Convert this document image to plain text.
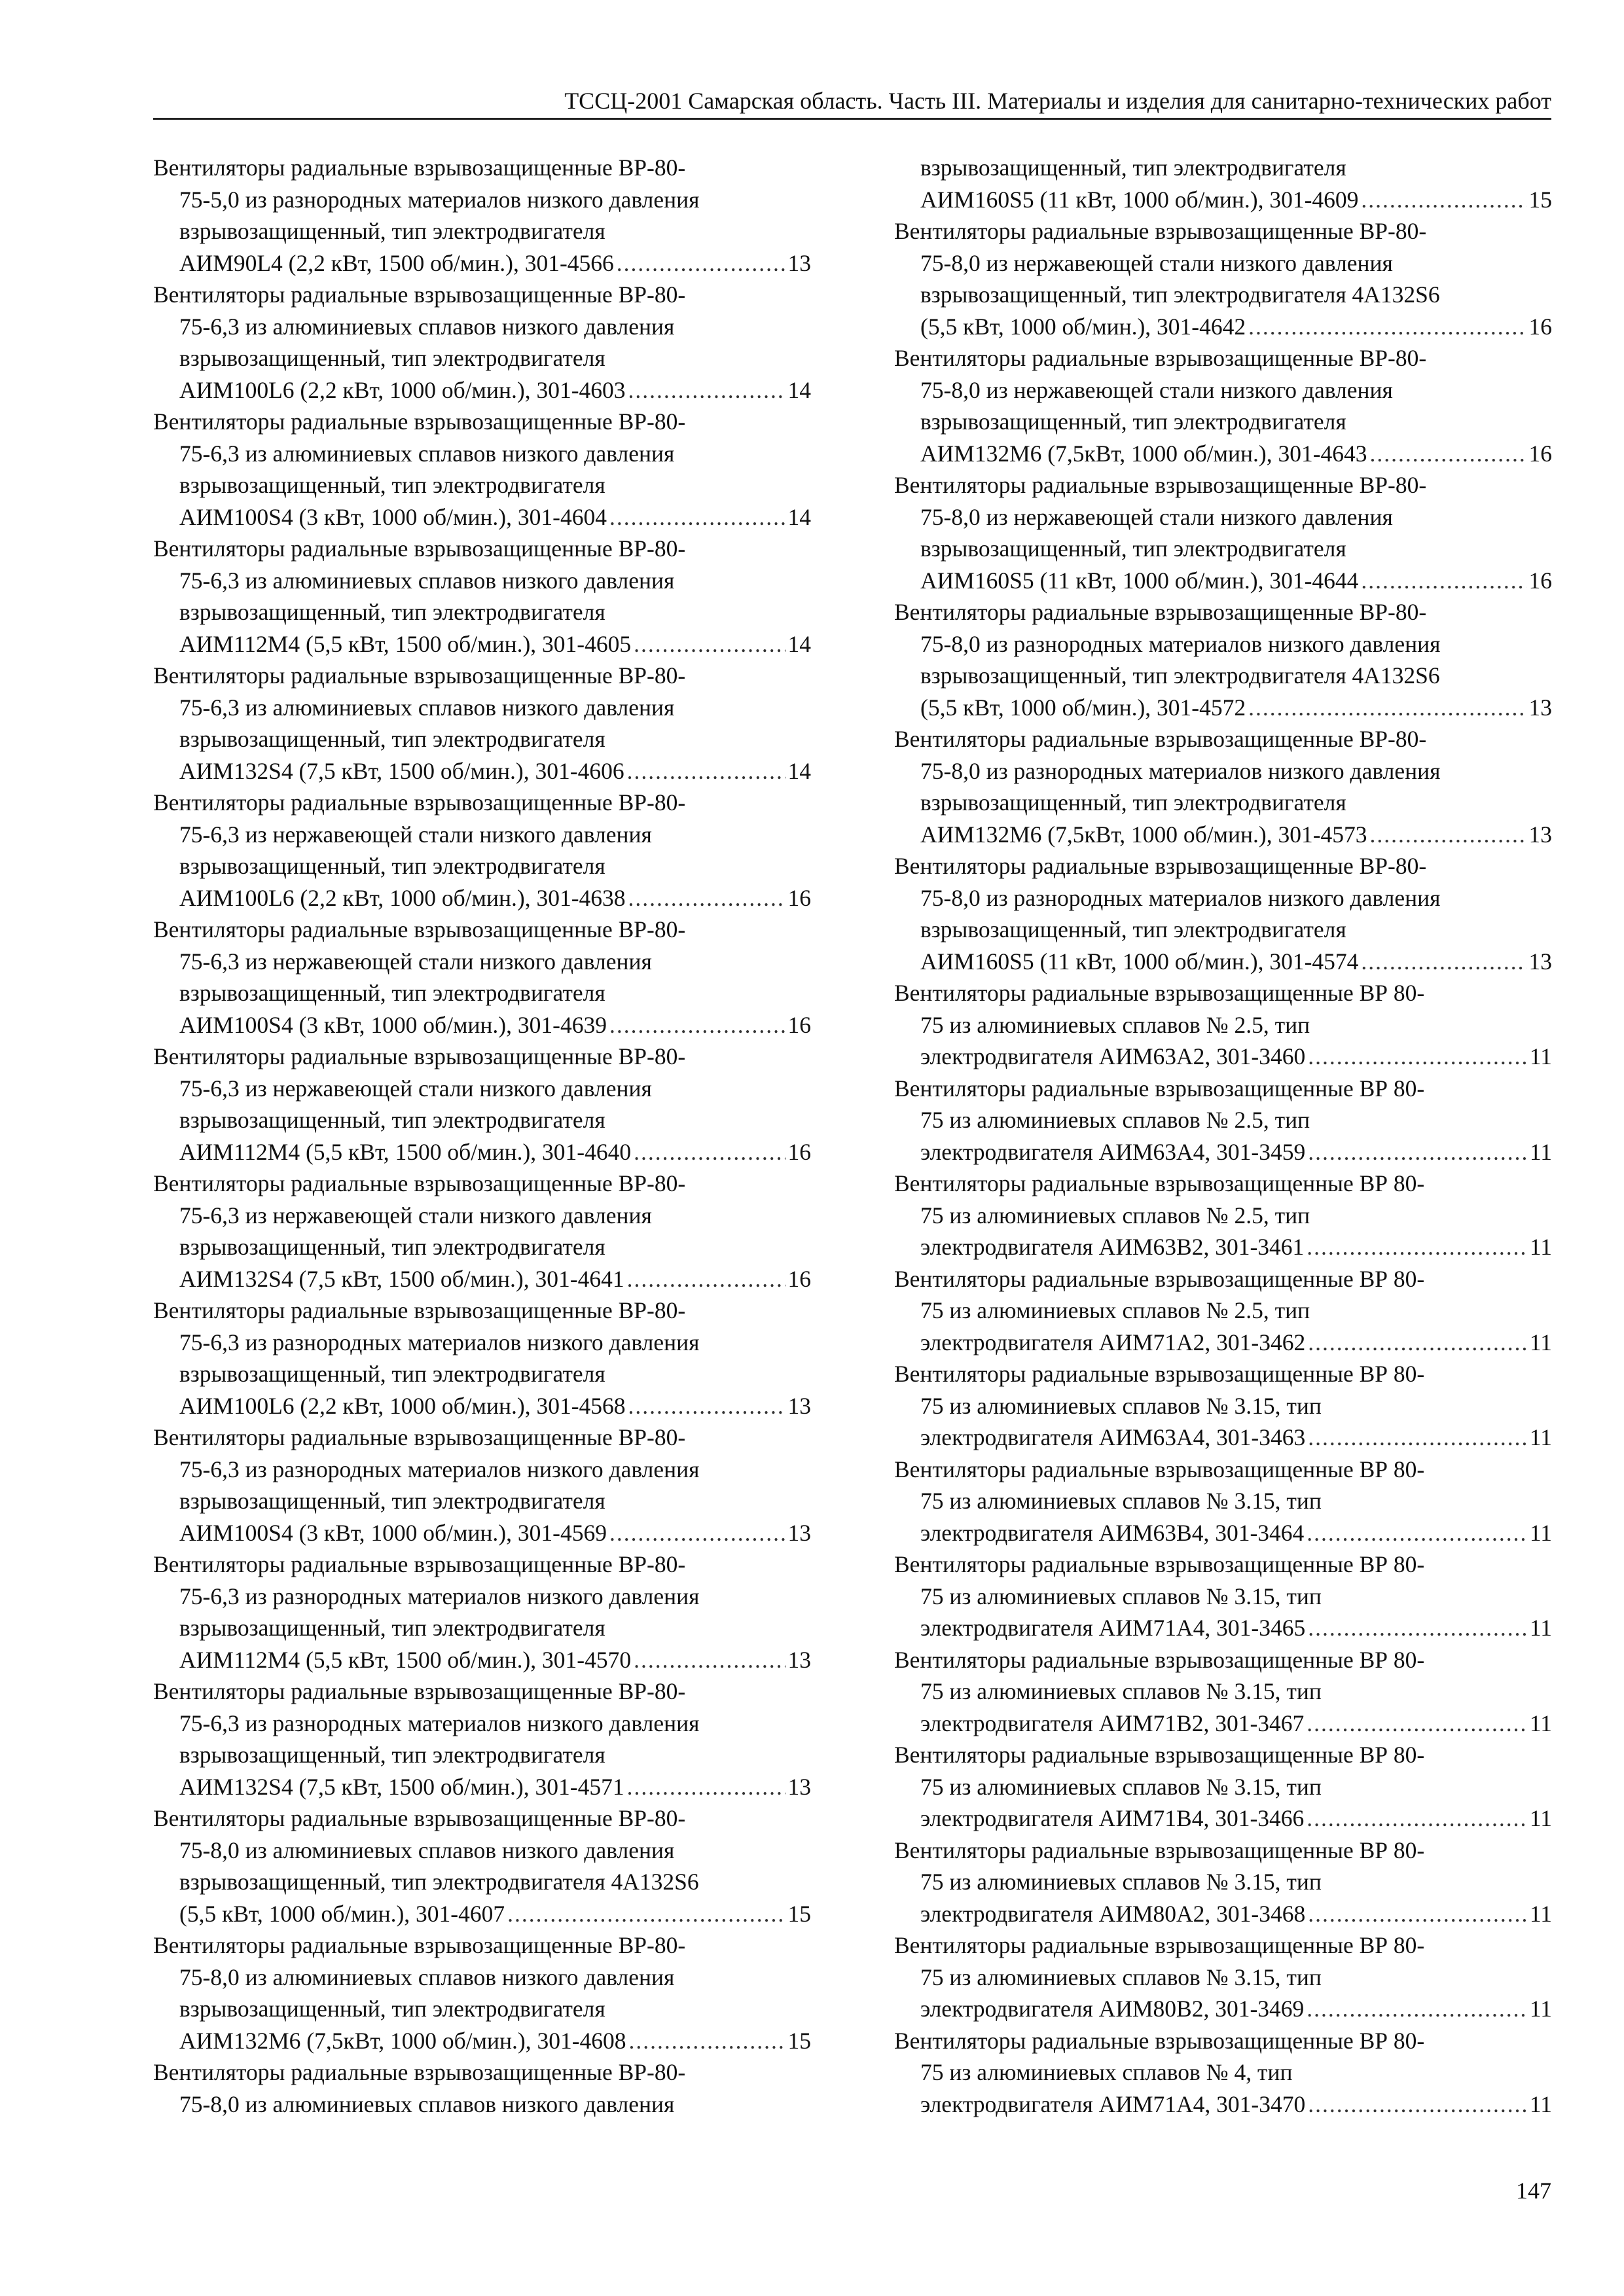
ТССЦ-2001 Самарская область. Часть III. Материалы и изделия для санитарно-технических работ
Вентиляторы радиальные взрывозащищенные ВР-80-
75-5,0 из разнородных материалов низкого давления
взрывозащищенный, тип электродвигателя
АИМ90L4 (2,2 кВт, 1500 об/мин.), 301-4566 .....	13
Вентиляторы радиальные взрывозащищенные ВР-80-
75-6,3 из алюминиевых сплавов низкого давления
взрывозащищенный, тип электродвигателя
АИМ100L6 (2,2 кВт, 1000 об/мин.), 301-4603 .....	14
Вентиляторы радиальные взрывозащищенные ВР-80-
75-6,3 из алюминиевых сплавов низкого давления
взрывозащищенный, тип электродвигателя
АИМ100S4 (3 кВт, 1000 об/мин.), 301-4604 .....	14
Вентиляторы радиальные взрывозащищенные ВР-80-
75-6,3 из алюминиевых сплавов низкого давления
взрывозащищенный, тип электродвигателя
АИМ112М4 (5,5 кВт, 1500 об/мин.), 301-4605 .....	14
Вентиляторы радиальные взрывозащищенные ВР-80-
75-6,3 из алюминиевых сплавов низкого давления
взрывозащищенный, тип электродвигателя
АИМ132S4 (7,5 кВт, 1500 об/мин.), 301-4606 .....	14
Вентиляторы радиальные взрывозащищенные ВР-80-
75-6,3 из нержавеющей стали низкого давления
взрывозащищенный, тип электродвигателя
АИМ100L6 (2,2 кВт, 1000 об/мин.), 301-4638 .....	16
Вентиляторы радиальные взрывозащищенные ВР-80-
75-6,3 из нержавеющей стали низкого давления
взрывозащищенный, тип электродвигателя
АИМ100S4 (3 кВт, 1000 об/мин.), 301-4639 .....	16
Вентиляторы радиальные взрывозащищенные ВР-80-
75-6,3 из нержавеющей стали низкого давления
взрывозащищенный, тип электродвигателя
АИМ112М4 (5,5 кВт, 1500 об/мин.), 301-4640 .....	16
Вентиляторы радиальные взрывозащищенные ВР-80-
75-6,3 из нержавеющей стали низкого давления
взрывозащищенный, тип электродвигателя
АИМ132S4 (7,5 кВт, 1500 об/мин.), 301-4641 .....	16
Вентиляторы радиальные взрывозащищенные ВР-80-
75-6,3 из разнородных материалов низкого давления
взрывозащищенный, тип электродвигателя
АИМ100L6 (2,2 кВт, 1000 об/мин.), 301-4568 .....	13
Вентиляторы радиальные взрывозащищенные ВР-80-
75-6,3 из разнородных материалов низкого давления
взрывозащищенный, тип электродвигателя
АИМ100S4 (3 кВт, 1000 об/мин.), 301-4569 .....	13
Вентиляторы радиальные взрывозащищенные ВР-80-
75-6,3 из разнородных материалов низкого давления
взрывозащищенный, тип электродвигателя
АИМ112М4 (5,5 кВт, 1500 об/мин.), 301-4570 .....	13
Вентиляторы радиальные взрывозащищенные ВР-80-
75-6,3 из разнородных материалов низкого давления
взрывозащищенный, тип электродвигателя
АИМ132S4 (7,5 кВт, 1500 об/мин.), 301-4571 .....	13
Вентиляторы радиальные взрывозащищенные ВР-80-
75-8,0 из алюминиевых сплавов низкого давления
взрывозащищенный, тип электродвигателя 4А132S6
(5,5 кВт, 1000 об/мин.), 301-4607 .....	15
Вентиляторы радиальные взрывозащищенные ВР-80-
75-8,0 из алюминиевых сплавов низкого давления
взрывозащищенный, тип электродвигателя
АИМ132М6 (7,5кВт, 1000 об/мин.), 301-4608 .....	15
Вентиляторы радиальные взрывозащищенные ВР-80-
75-8,0 из алюминиевых сплавов низкого давления
взрывозащищенный, тип электродвигателя
АИМ160S5 (11 кВт, 1000 об/мин.), 301-4609 .....	15
Вентиляторы радиальные взрывозащищенные ВР-80-
75-8,0 из нержавеющей стали низкого давления
взрывозащищенный, тип электродвигателя 4А132S6
(5,5 кВт, 1000 об/мин.), 301-4642 .....	16
Вентиляторы радиальные взрывозащищенные ВР-80-
75-8,0 из нержавеющей стали низкого давления
взрывозащищенный, тип электродвигателя
АИМ132М6 (7,5кВт, 1000 об/мин.), 301-4643 .....	16
Вентиляторы радиальные взрывозащищенные ВР-80-
75-8,0 из нержавеющей стали низкого давления
взрывозащищенный, тип электродвигателя
АИМ160S5 (11 кВт, 1000 об/мин.), 301-4644 .....	16
Вентиляторы радиальные взрывозащищенные ВР-80-
75-8,0 из разнородных материалов низкого давления
взрывозащищенный, тип электродвигателя 4А132S6
(5,5 кВт, 1000 об/мин.), 301-4572 .....	13
Вентиляторы радиальные взрывозащищенные ВР-80-
75-8,0 из разнородных материалов низкого давления
взрывозащищенный, тип электродвигателя
АИМ132М6 (7,5кВт, 1000 об/мин.), 301-4573 .....	13
Вентиляторы радиальные взрывозащищенные ВР-80-
75-8,0 из разнородных материалов низкого давления
взрывозащищенный, тип электродвигателя
АИМ160S5 (11 кВт, 1000 об/мин.), 301-4574 .....	13
Вентиляторы радиальные взрывозащищенные ВР 80-
75 из алюминиевых сплавов № 2.5, тип
электродвигателя АИМ63А2, 301-3460 .....	11
Вентиляторы радиальные взрывозащищенные ВР 80-
75 из алюминиевых сплавов № 2.5, тип
электродвигателя АИМ63А4, 301-3459 .....	11
Вентиляторы радиальные взрывозащищенные ВР 80-
75 из алюминиевых сплавов № 2.5, тип
электродвигателя АИМ63В2, 301-3461 .....	11
Вентиляторы радиальные взрывозащищенные ВР 80-
75 из алюминиевых сплавов № 2.5, тип
электродвигателя АИМ71А2, 301-3462 .....	11
Вентиляторы радиальные взрывозащищенные ВР 80-
75 из алюминиевых сплавов № 3.15, тип
электродвигателя АИМ63А4, 301-3463 .....	11
Вентиляторы радиальные взрывозащищенные ВР 80-
75 из алюминиевых сплавов № 3.15, тип
электродвигателя АИМ63В4, 301-3464 .....	11
Вентиляторы радиальные взрывозащищенные ВР 80-
75 из алюминиевых сплавов № 3.15, тип
электродвигателя АИМ71А4, 301-3465 .....	11
Вентиляторы радиальные взрывозащищенные ВР 80-
75 из алюминиевых сплавов № 3.15, тип
электродвигателя АИМ71В2, 301-3467 .....	11
Вентиляторы радиальные взрывозащищенные ВР 80-
75 из алюминиевых сплавов № 3.15, тип
электродвигателя АИМ71В4, 301-3466 .....	11
Вентиляторы радиальные взрывозащищенные ВР 80-
75 из алюминиевых сплавов № 3.15, тип
электродвигателя АИМ80А2, 301-3468 .....	11
Вентиляторы радиальные взрывозащищенные ВР 80-
75 из алюминиевых сплавов № 3.15, тип
электродвигателя АИМ80В2, 301-3469 .....	11
Вентиляторы радиальные взрывозащищенные ВР 80-
75 из алюминиевых сплавов № 4, тип
электродвигателя АИМ71А4, 301-3470 .....	11
147
